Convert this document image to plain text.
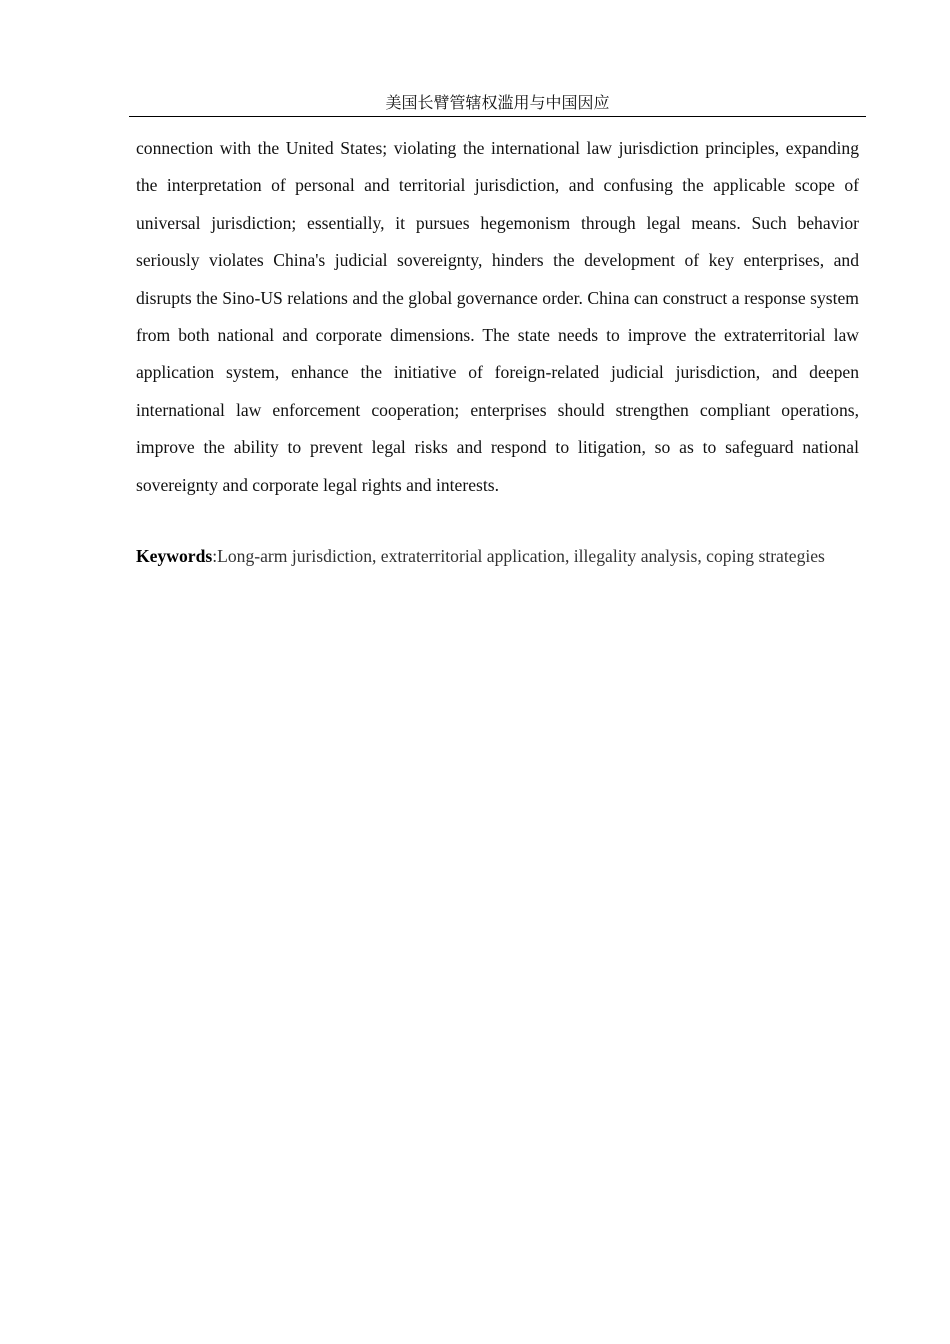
美国长臂管辖权滥用与中国因应

connection with the United States; violating the international law jurisdiction principles, expanding the interpretation of personal and territorial jurisdiction, and confusing the applicable scope of universal jurisdiction; essentially, it pursues hegemonism through legal means. Such behavior seriously violates China's judicial sovereignty, hinders the development of key enterprises, and disrupts the Sino-US relations and the global governance order. China can construct a response system from both national and corporate dimensions. The state needs to improve the extraterritorial law application system, enhance the initiative of foreign-related judicial jurisdiction, and deepen international law enforcement cooperation; enterprises should strengthen compliant operations, improve the ability to prevent legal risks and respond to litigation, so as to safeguard national sovereignty and corporate legal rights and interests.

Keywords:Long-arm jurisdiction, extraterritorial application, illegality analysis, coping strategies
